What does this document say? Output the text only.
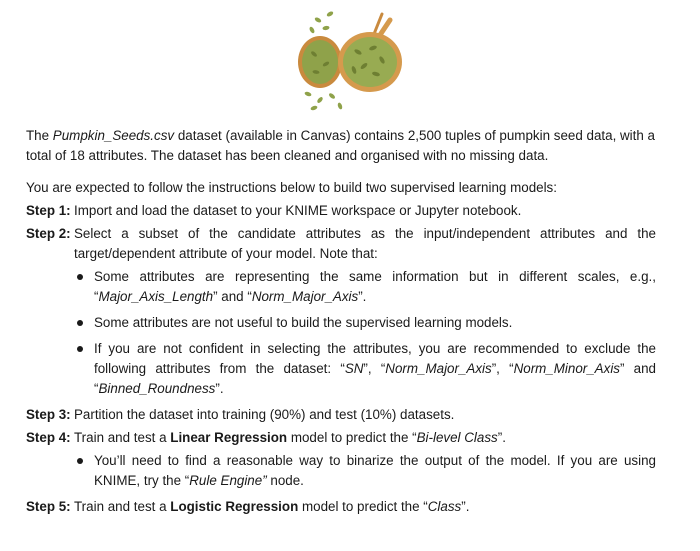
The Pumpkin_Seeds.csv dataset (available in Canvas) contains 2,500 tuples of pumpkin seed data, with a total of 18 attributes. The dataset has been cleaned and organised with no missing data.

You are expected to follow the instructions below to build two supervised learning models:

Step 1: Import and load the dataset to your KNIME workspace or Jupyter notebook.
Step 2: Select a subset of the candidate attributes as the input/independent attributes and the target/dependent attribute of your model. Note that:
Some attributes are representing the same information but in different scales, e.g., “Major_Axis_Length” and “Norm_Major_Axis”.
Some attributes are not useful to build the supervised learning models.
If you are not confident in selecting the attributes, you are recommended to exclude the following attributes from the dataset: “SN”, “Norm_Major_Axis”, “Norm_Minor_Axis” and “Binned_Roundness”.
Step 3: Partition the dataset into training (90%) and test (10%) datasets.
Step 4: Train and test a Linear Regression model to predict the “Bi-level Class”.
You’ll need to find a reasonable way to binarize the output of the model. If you are using KNIME, try the “Rule Engine” node.
Step 5: Train and test a Logistic Regression model to predict the “Class”.
